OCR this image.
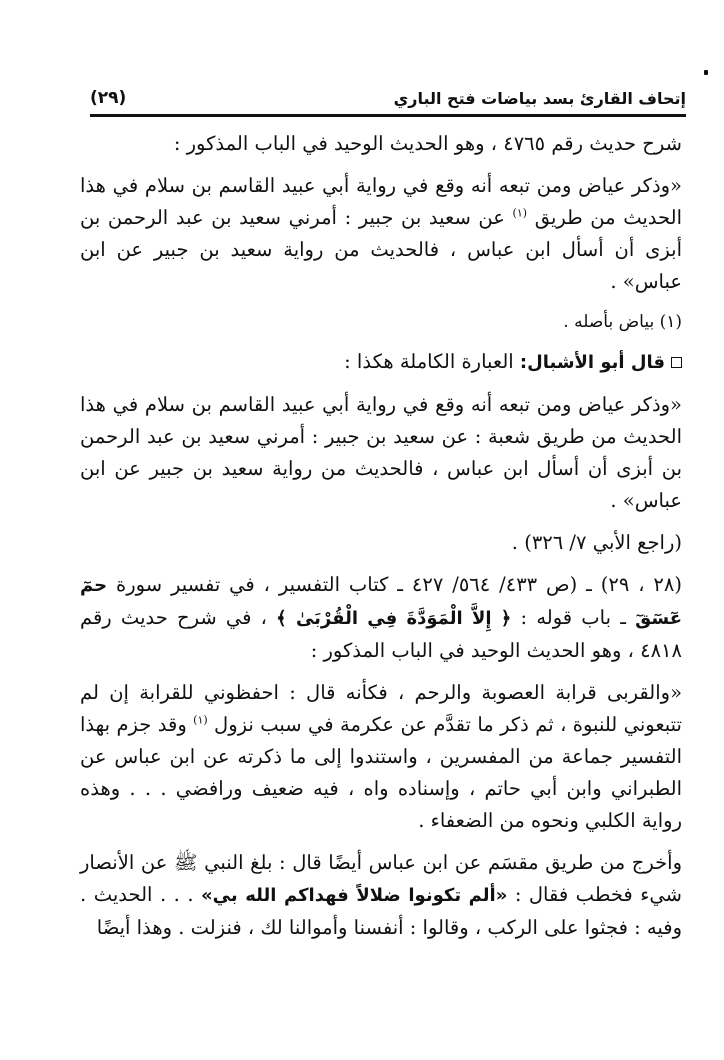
إتحاف القارئ بسد بياضات فتح الباري
(٢٩)

شرح حديث رقم ٤٧٦٥ ، وهو الحديث الوحيد في الباب المذكور :

«وذكر عياض ومن تبعه أنه وقع في رواية أبي عبيد القاسم بن سلام في هذا الحديث من طريق $^{(١)}$ عن سعيد بن جبير : أمرني سعيد بن عبد الرحمن بن أبزى أن أسأل ابن عباس ، فالحديث من رواية سعيد بن جبير عن ابن عباس» .

(١) بياض بأصله .

قال أبو الأشبال: العبارة الكاملة هكذا :

«وذكر عياض ومن تبعه أنه وقع في رواية أبي عبيد القاسم بن سلام في هذا الحديث من طريق شعبة : عن سعيد بن جبير : أمرني سعيد بن عبد الرحمن بن أبزى أن أسأل ابن عباس ، فالحديث من رواية سعيد بن جبير عن ابن عباس» .

(راجع الأبي ٧/ ٣٢٦) .

(٢٨ ، ٢٩) ـ (ص ٤٣٣/ ٥٦٤/ ٤٢٧ ـ كتاب التفسير ، في تفسير سورة حمٓ عٓسٓقٓ ـ باب قوله : ﴿ إِلاَّ الْمَوَدَّةَ فِي الْقُرْبَىٰ ﴾ ، في شرح حديث رقم ٤٨١٨ ، وهو الحديث الوحيد في الباب المذكور :

«والقربى قرابة العصوبة والرحم ، فكأنه قال : احفظوني للقرابة إن لم تتبعوني للنبوة ، ثم ذكر ما تقدَّم عن عكرمة في سبب نزول $^{(١)}$ وقد جزم بهذا التفسير جماعة من المفسرين ، واستندوا إلى ما ذكرته عن ابن عباس عن الطبراني وابن أبي حاتم ، وإسناده واه ، فيه ضعيف ورافضي . . . وهذه رواية الكلبي ونحوه من الضعفاء .

وأخرج من طريق مقسَم عن ابن عباس أيضًا قال : بلغ النبي ﷺ عن الأنصار شيء فخطب فقال : «ألم تكونوا ضلالاً فهداكم الله بي» . . . الحديث . وفيه : فجثوا على الركب ، وقالوا : أنفسنا وأموالنا لك ، فنزلت . وهذا أيضًا
